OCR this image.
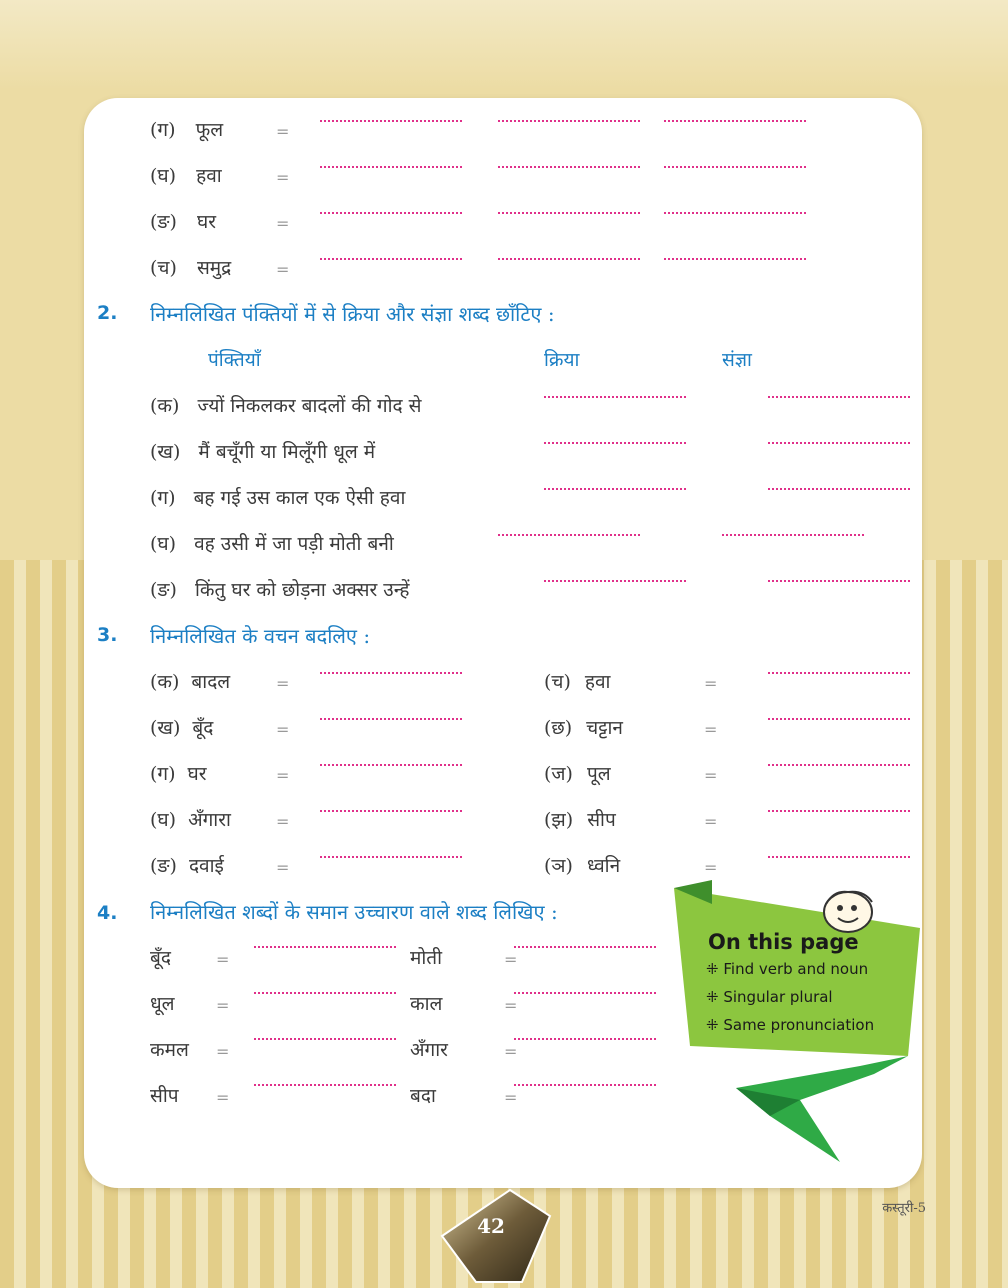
(ग) फूल
(घ) हवा
(ङ) घर
(च) समुद्र
=
=
=
=
2. निम्नलिखित पंक्तियों में से क्रिया और संज्ञा शब्द छाँटिए :
पंक्तियाँ	क्रिया	संज्ञा
(क) ज्यों निकलकर बादलों की गोद से
(ख) मैं बचूँगी या मिलूँगी धूल में
(ग) बह गई उस काल एक ऐसी हवा
(घ) वह उसी में जा पड़ी मोती बनी
(ङ) किंतु घर को छोड़ना अक्सर उन्हें
3. निम्नलिखित के वचन बदलिए :
(क) बादल
(ख) बूँद
(ग) घर
(घ) अँगारा
(ङ) दवाई
=
=
=
=
=
(च) हवा
(छ) चट्टान
(ज) पूल
(झ) सीप
(ञ) ध्वनि
=
=
=
=
=
4. निम्नलिखित शब्दों के समान उच्चारण वाले शब्द लिखिए :
बूँद
धूल
कमल
सीप
=
=
=
=
मोती
काल
अँगार
बदा
=
=
=
=
On this page
⁜ Find verb and noun
⁜ Singular plural
⁜ Same pronunciation
42
कस्तूरी-5
